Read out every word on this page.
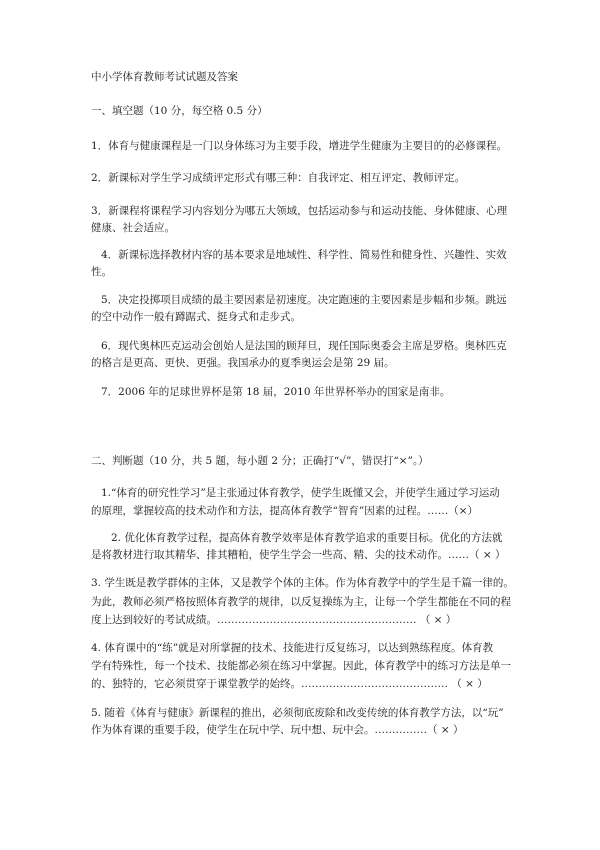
中小学体育教师考试试题及答案
一、填空题（10 分，每空格 0.5 分）
1．体育与健康课程是一门以身体练习为主要手段，增进学生健康为主要目的的必修课程。
2．新课标对学生学习成绩评定形式有哪三种：自我评定、相互评定、教师评定。
3．新课程将课程学习内容划分为哪五大领域，包括运动参与和运动技能、身体健康、心理
健康、社会适应。
4．新课标选择教材内容的基本要求是地域性、科学性、简易性和健身性、兴趣性、实效
性。
5．决定投掷项目成绩的最主要因素是初速度。决定跑速的主要因素是步幅和步频。跳远
的空中动作一般有蹲踞式、挺身式和走步式。
6．现代奥林匹克运动会创始人是法国的顾拜旦，现任国际奥委会主席是罗格。奥林匹克
的格言是更高、更快、更强。我国承办的夏季奥运会是第 29 届。
7．2006 年的足球世界杯是第 18 届，2010 年世界杯举办的国家是南非。
二、判断题（10 分，共 5 题，每小题 2 分；正确打“√”，错误打“×”。）
1.“体育的研究性学习”是主张通过体育教学，使学生既懂又会，并使学生通过学习运动
的原理，掌握较高的技术动作和方法，提高体育教学“智育”因素的过程。……（×）
2. 优化体育教学过程，提高体育教学效率是体育教学追求的重要目标。优化的方法就
是将教材进行取其精华、排其糟粕，使学生学会一些高、精、尖的技术动作。……（ × ）
3. 学生既是教学群体的主体，又是教学个体的主体。作为体育教学中的学生是千篇一律的。
为此，教师必须严格按照体育教学的规律，以反复操练为主，让每一个学生都能在不同的程
度上达到较好的考试成绩。………………………………………………… （ × ）
4. 体育课中的“练”就是对所掌握的技术、技能进行反复练习，以达到熟练程度。体育教
学有特殊性，每一个技术、技能都必须在练习中掌握。因此，体育教学中的练习方法是单一
的、独特的，它必须贯穿于课堂教学的始终。…………………………………… （ × ）
5. 随着《体育与健康》新课程的推出，必须彻底废除和改变传统的体育教学方法，以“玩”
作为体育课的重要手段，使学生在玩中学、玩中想、玩中会。……………（ × ）
